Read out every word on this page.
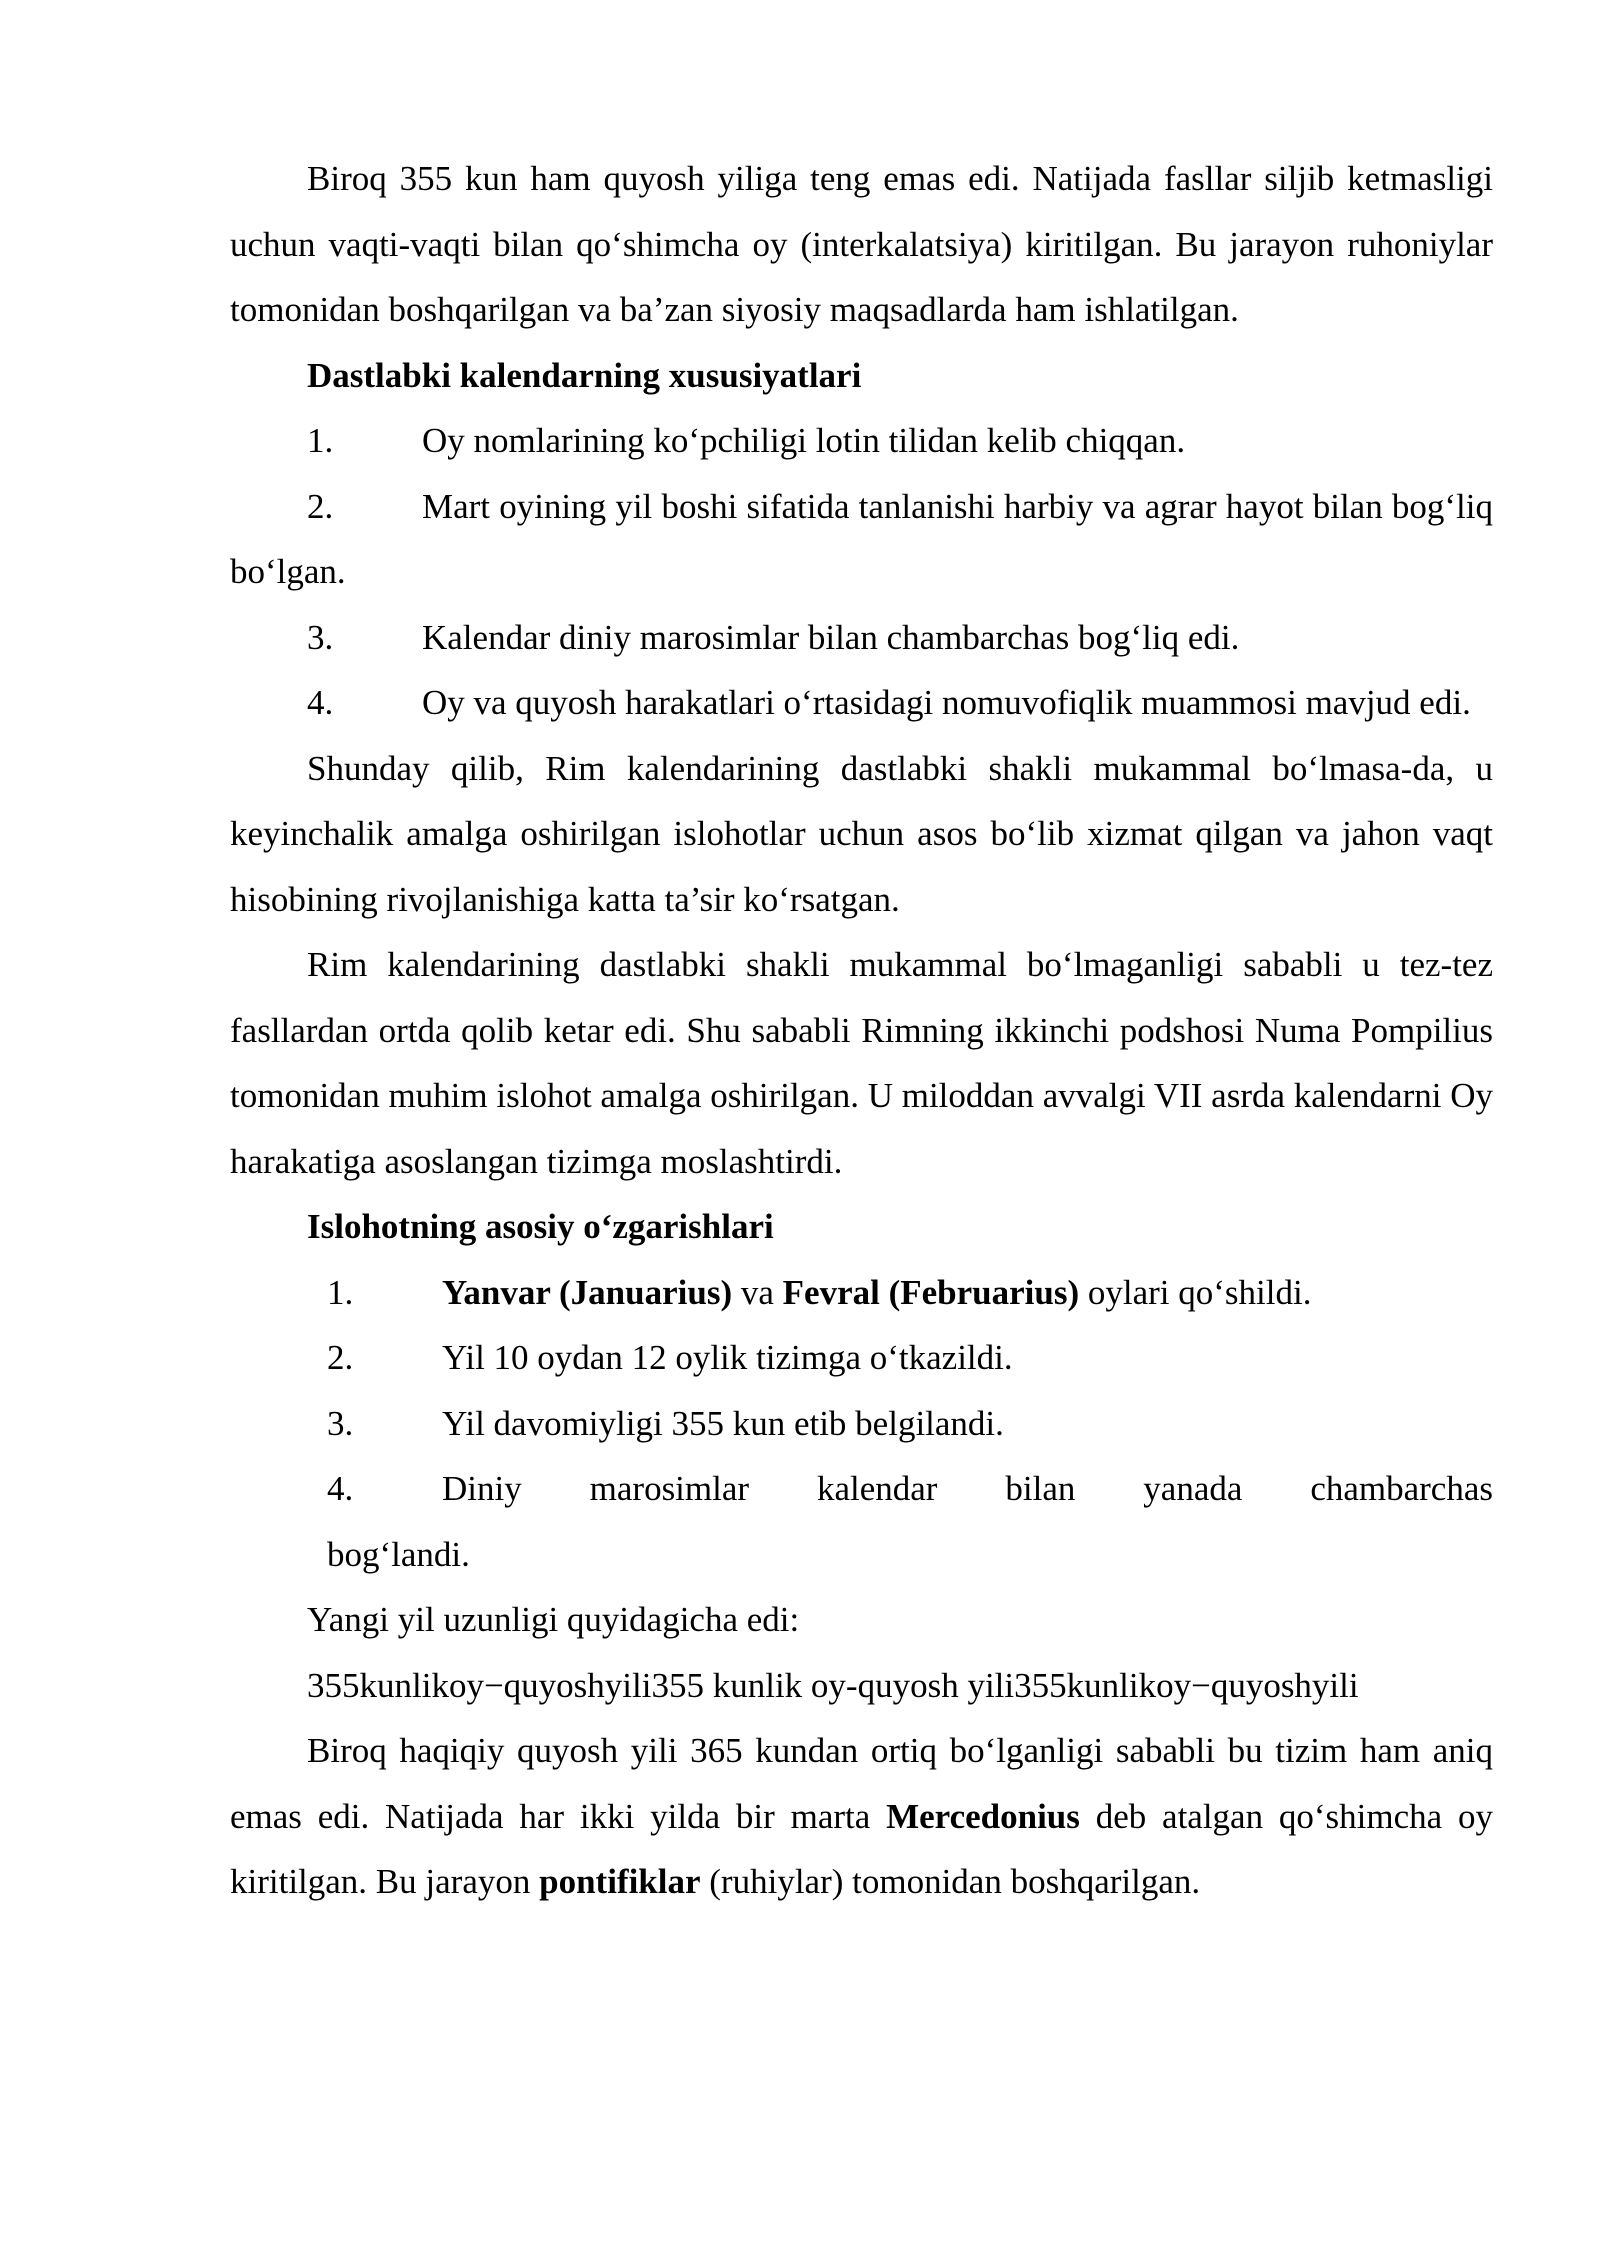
Biroq 355 kun ham quyosh yiliga teng emas edi. Natijada fasllar siljib ketmasligi uchun vaqti-vaqti bilan qo‘shimcha oy (interkalatsiya) kiritilgan. Bu jarayon ruhoniylar tomonidan boshqarilgan va ba’zan siyosiy maqsadlarda ham ishlatilgan.

Dastlabki kalendarning xususiyatlari

1.	Oy nomlarining ko‘pchiligi lotin tilidan kelib chiqqan.

2.	Mart oyining yil boshi sifatida tanlanishi harbiy va agrar hayot bilan bog‘liq bo‘lgan.

3.	Kalendar diniy marosimlar bilan chambarchas bog‘liq edi.

4.	Oy va quyosh harakatlari o‘rtasidagi nomuvofiqlik muammosi mavjud edi.

Shunday qilib, Rim kalendarining dastlabki shakli mukammal bo‘lmasa-da, u keyinchalik amalga oshirilgan islohotlar uchun asos bo‘lib xizmat qilgan va jahon vaqt hisobining rivojlanishiga katta ta’sir ko‘rsatgan.

Rim kalendarining dastlabki shakli mukammal bo‘lmaganligi sababli u tez-tez fasllardan ortda qolib ketar edi. Shu sababli Rimning ikkinchi podshosi Numa Pompilius tomonidan muhim islohot amalga oshirilgan. U miloddan avvalgi VII asrda kalendarni Oy harakatiga asoslangan tizimga moslashtirdi.

Islohotning asosiy o‘zgarishlari

1.	Yanvar (Januarius) va Fevral (Februarius) oylari qo‘shildi.

2.	Yil 10 oydan 12 oylik tizimga o‘tkazildi.

3.	Yil davomiyligi 355 kun etib belgilandi.

4.	Diniy marosimlar kalendar bilan yanada chambarchas

bog‘landi.

Yangi yil uzunligi quyidagicha edi:

355kunlikoy−quyoshyili355 kunlik oy-quyosh yili355kunlikoy−quyoshyili

Biroq haqiqiy quyosh yili 365 kundan ortiq bo‘lganligi sababli bu tizim ham aniq emas edi. Natijada har ikki yilda bir marta Mercedonius deb atalgan qo‘shimcha oy kiritilgan. Bu jarayon pontifiklar (ruhiylar) tomonidan boshqarilgan.
